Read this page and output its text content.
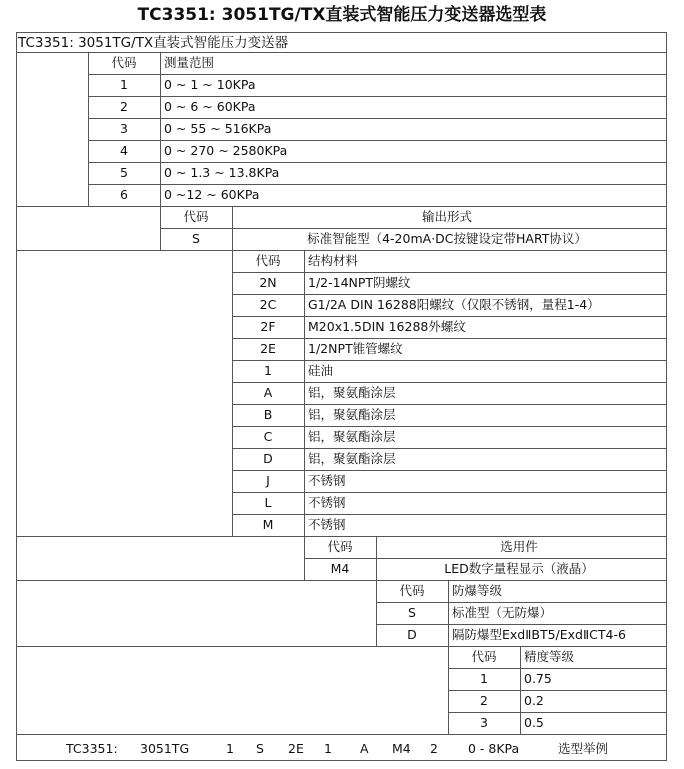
TC3351: 3051TG/TX直装式智能压力变送器选型表
TC3351: 3051TG/TX直装式智能压力变送器
代码	测量范围
1	0 ~ 1 ~ 10KPa
2	0 ~ 6 ~ 60KPa
3	0 ~ 55 ~ 516KPa
4	0 ~ 270 ~ 2580KPa
5	0 ~ 1.3 ~ 13.8KPa
6	0 ~12 ~ 60KPa
代码	输出形式
S	标准智能型（4-20mA·DC按键设定带HART协议）
代码	结构材料
2N	1/2-14NPT阴螺纹
2C	G1/2A DIN 16288阳螺纹（仅限不锈钢，量程1-4）
2F	M20x1.5DIN 16288外螺纹
2E	1/2NPT锥管螺纹
1	硅油
A	铝，聚氨酯涂层
B	铝，聚氨酯涂层
C	铝，聚氨酯涂层
D	铝，聚氨酯涂层
J	不锈钢
L	不锈钢
M	不锈钢
代码	选用件
M4	LED数字量程显示（液晶）
代码	防爆等级
S	标准型（无防爆）
D	隔防爆型ExdⅡBT5/ExdⅡCT4-6
代码	精度等级
1	0.75
2	0.2
3	0.5
TC3351:	3051TG	1	S	2E	1	A	M4	2	0 - 8KPa	选型举例
